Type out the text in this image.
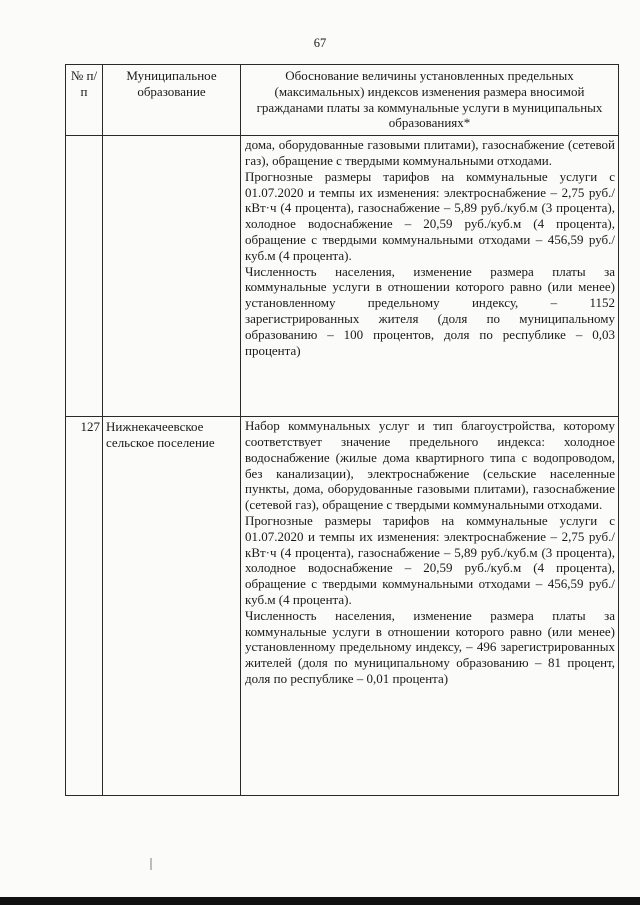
67
№ п/п	Муниципальное образование	Обоснование величины установленных предельных (максимальных) индексов изменения размера вносимой гражданами платы за коммунальные услуги в муниципальных образованиях*

		дома, оборудованные газовыми плитами), газоснабжение (сетевой газ), обращение с твердыми коммунальными отходами.

Прогнозные размеры тарифов на коммунальные услуги с 01.07.2020 и темпы их изменения: электроснабжение – 2,75 руб./кВт·ч (4 процента), газоснабжение – 5,89 руб./куб.м (3 процента), холодное водоснабжение – 20,59 руб./куб.м (4 процента), обращение с твердыми коммунальными отходами – 456,59 руб./куб.м (4 процента).

Численность населения, изменение размера платы за коммунальные услуги в отношении которого равно (или менее) установленному предельному индексу, – 1152 зарегистрированных жителя (доля по муниципальному образованию – 100 процентов, доля по республике – 0,03 процента)

127	Нижнекачеевское сельское поселение	Набор коммунальных услуг и тип благоустройства, которому соответствует значение предельного индекса: холодное водоснабжение (жилые дома квартирного типа с водопроводом, без канализации), электроснабжение (сельские населенные пункты, дома, оборудованные газовыми плитами), газоснабжение (сетевой газ), обращение с твердыми коммунальными отходами.

Прогнозные размеры тарифов на коммунальные услуги с 01.07.2020 и темпы их изменения: электроснабжение – 2,75 руб./кВт·ч (4 процента), газоснабжение – 5,89 руб./куб.м (3 процента), холодное водоснабжение – 20,59 руб./куб.м (4 процента), обращение с твердыми коммунальными отходами – 456,59 руб./куб.м (4 процента).

Численность населения, изменение размера платы за коммунальные услуги в отношении которого равно (или менее) установленному предельному индексу, – 496 зарегистрированных жителей (доля по муниципальному образованию – 81 процент, доля по республике – 0,01 процента)
